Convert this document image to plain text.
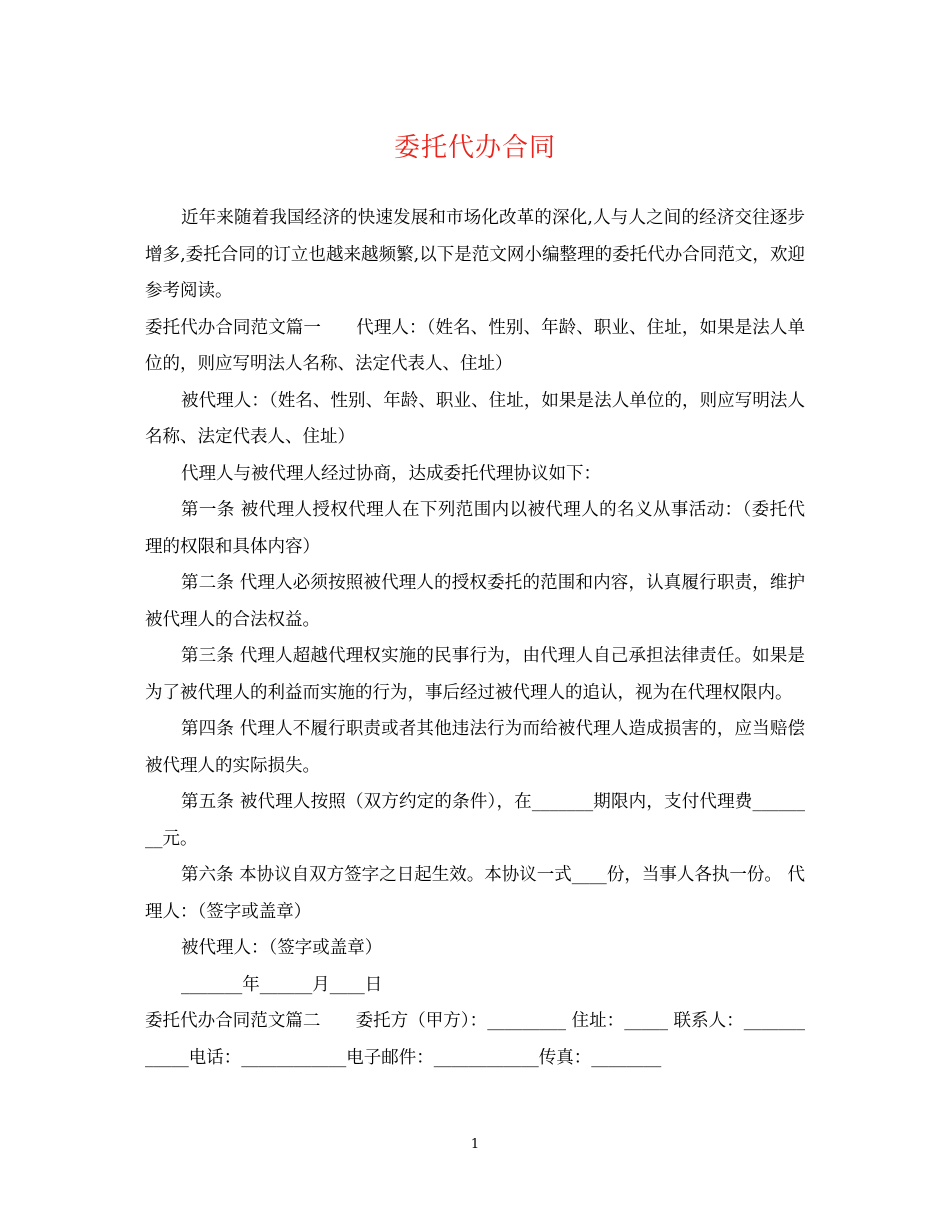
委托代办合同

近年来随着我国经济的快速发展和市场化改革的深化,人与人之间的经济交往逐步增多,委托合同的订立也越来越频繁,以下是范文网小编整理的委托代办合同范文，欢迎参考阅读。

委托代办合同范文篇一　　代理人：（姓名、性别、年龄、职业、住址，如果是法人单位的，则应写明法人名称、法定代表人、住址）

被代理人：（姓名、性别、年龄、职业、住址，如果是法人单位的，则应写明法人名称、法定代表人、住址）

代理人与被代理人经过协商，达成委托代理协议如下：

第一条 被代理人授权代理人在下列范围内以被代理人的名义从事活动：（委托代理的权限和具体内容）

第二条 代理人必须按照被代理人的授权委托的范围和内容，认真履行职责，维护被代理人的合法权益。

第三条 代理人超越代理权实施的民事行为，由代理人自己承担法律责任。如果是为了被代理人的利益而实施的行为，事后经过被代理人的追认，视为在代理权限内。

第四条 代理人不履行职责或者其他违法行为而给被代理人造成损害的，应当赔偿被代理人的实际损失。

第五条 被代理人按照（双方约定的条件），在_______期限内，支付代理费________元。

第六条 本协议自双方签字之日起生效。本协议一式____份，当事人各执一份。 代理人：（签字或盖章）

被代理人：（签字或盖章）

_______年______月____日

委托代办合同范文篇二　　委托方（甲方）：_________ 住址：_____ 联系人：____________电话：____________电子邮件：____________传真：________

1
